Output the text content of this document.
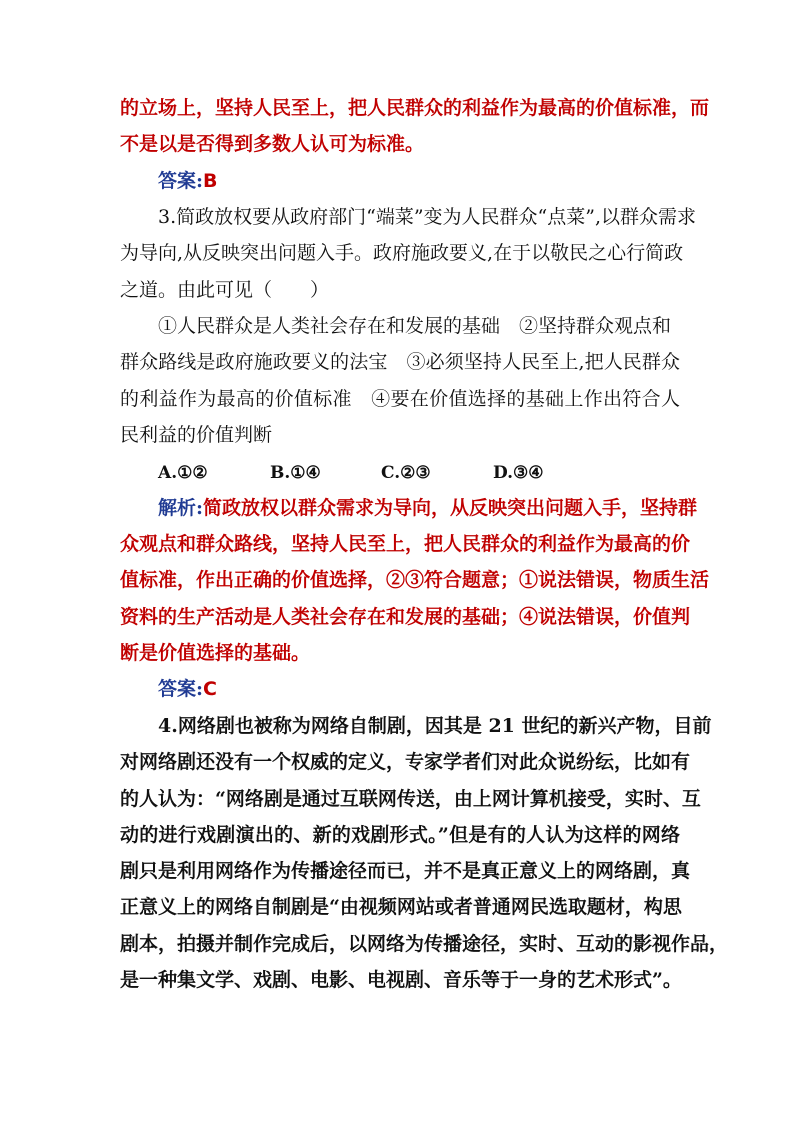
的立场上，坚持人民至上，把人民群众的利益作为最高的价值标准，而
不是以是否得到多数人认可为标准。
答案:B
3.简政放权要从政府部门“端菜”变为人民群众“点菜”,以群众需求
为导向,从反映突出问题入手。政府施政要义,在于以敬民之心行简政
之道。由此可见（　　）
①人民群众是人类社会存在和发展的基础　②坚持群众观点和
群众路线是政府施政要义的法宝　③必须坚持人民至上,把人民群众
的利益作为最高的价值标准　④要在价值选择的基础上作出符合人
民利益的价值判断
A.①②	B.①④	C.②③	D.③④
解析:简政放权以群众需求为导向，从反映突出问题入手，坚持群
众观点和群众路线，坚持人民至上，把人民群众的利益作为最高的价
值标准，作出正确的价值选择，②③符合题意；①说法错误，物质生活
资料的生产活动是人类社会存在和发展的基础；④说法错误，价值判
断是价值选择的基础。
答案:C
4.网络剧也被称为网络自制剧，因其是 21 世纪的新兴产物，目前
对网络剧还没有一个权威的定义，专家学者们对此众说纷纭，比如有
的人认为：“网络剧是通过互联网传送，由上网计算机接受，实时、互
动的进行戏剧演出的、新的戏剧形式。”但是有的人认为这样的网络
剧只是利用网络作为传播途径而已，并不是真正意义上的网络剧，真
正意义上的网络自制剧是“由视频网站或者普通网民选取题材，构思
剧本，拍摄并制作完成后，以网络为传播途径，实时、互动的影视作品，
是一种集文学、戏剧、电影、电视剧、音乐等于一身的艺术形式”。
